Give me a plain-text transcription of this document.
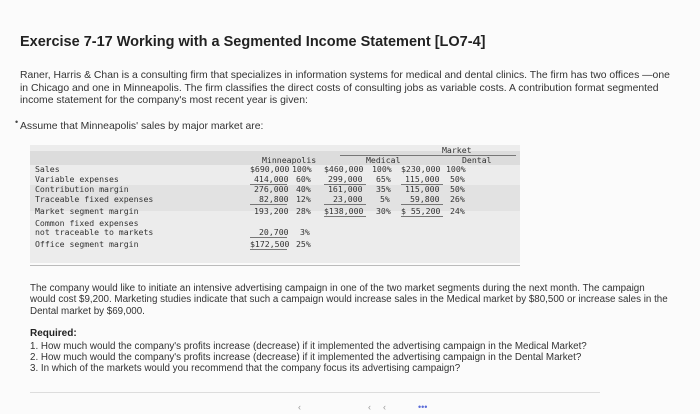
Exercise 7-17 Working with a Segmented Income Statement [LO7-4]

Raner, Harris & Chan is a consulting firm that specializes in information systems for medical and dental clinics. The firm has two offices —one in Chicago and one in Minneapolis. The firm classifies the direct costs of consulting jobs as variable costs. A contribution format segmented income statement for the company's most recent year is given:

• Assume that Minneapolis' sales by major market are:

Market
Minneapolis	Medical	Dental
Sales	$690,000 100% $460,000 100% $230,000 100%
Variable expenses	414,000 60% 299,000 65% 115,000 50%
Contribution margin	276,000 40% 161,000 35% 115,000 50%
Traceable fixed expenses	82,800 12%	23,000 5% 59,800 26%
Market segment margin	193,200 28% $138,000 30% $ 55,200 24%
Common fixed expenses
not traceable to markets	20,700 3%
Office segment margin	$172,500 25%

The company would like to initiate an intensive advertising campaign in one of the two market segments during the next month. The campaign would cost $9,200. Marketing studies indicate that such a campaign would increase sales in the Medical market by $80,500 or increase sales in the Dental market by $69,000.

Required:

1. How much would the company's profits increase (decrease) if it implemented the advertising campaign in the Medical Market?
2. How much would the company's profits increase (decrease) if it implemented the advertising campaign in the Dental Market?
3. In which of the markets would you recommend that the company focus its advertising campaign?
‹	‹ ‹	•••
